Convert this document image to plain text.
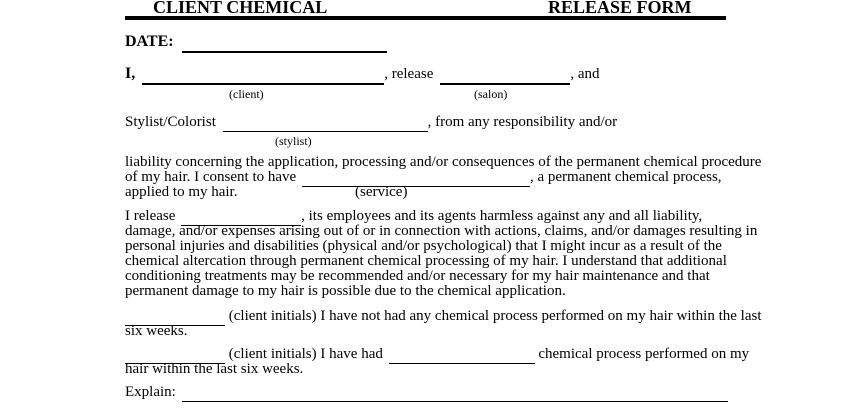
CLIENT CHEMICAL	RELEASE FORM
DATE:
I,	, release	, and
(client)	(salon)
Stylist/Colorist	, from any responsibility and/or
(stylist)
liability concerning the application, processing and/or consequences of the permanent chemical procedure
of my hair. I consent to have	, a permanent chemical process,
applied to my hair.	(service)
I release	, its employees and its agents harmless against any and all liability,
damage, and/or expenses arising out of or in connection with actions, claims, and/or damages resulting in
personal injuries and disabilities (physical and/or psychological) that I might incur as a result of the
chemical altercation through permanent chemical processing of my hair. I understand that additional
conditioning treatments may be recommended and/or necessary for my hair maintenance and that
permanent damage to my hair is possible due to the chemical application.
(client initials) I have not had any chemical process performed on my hair within the last
six weeks.
(client initials) I have had	chemical process performed on my
hair within the last six weeks.
Explain:
